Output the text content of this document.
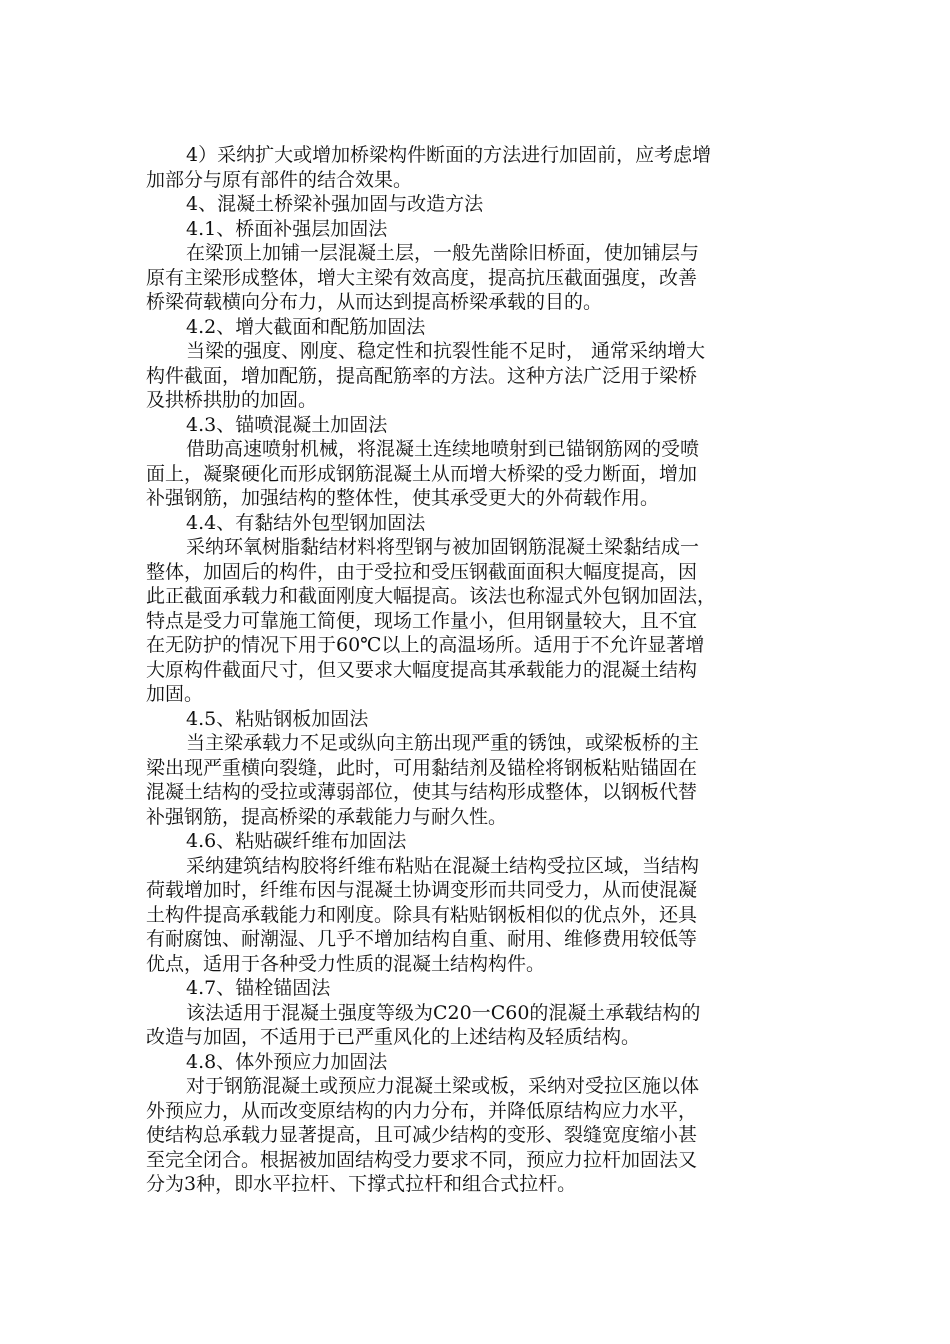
4）采纳扩大或增加桥梁构件断面的方法进行加固前，应考虑增
加部分与原有部件的结合效果。
4、混凝土桥梁补强加固与改造方法
4.1、桥面补强层加固法
在梁顶上加铺一层混凝土层，一般先凿除旧桥面，使加铺层与
原有主梁形成整体，增大主梁有效高度，提高抗压截面强度，改善
桥梁荷载横向分布力，从而达到提高桥梁承载的目的。
4.2、增大截面和配筋加固法
当梁的强度、刚度、稳定性和抗裂性能不足时， 通常采纳增大
构件截面，增加配筋，提高配筋率的方法。这种方法广泛用于梁桥
及拱桥拱肋的加固。
4.3、锚喷混凝土加固法
借助高速喷射机械，将混凝土连续地喷射到已锚钢筋网的受喷
面上，凝聚硬化而形成钢筋混凝土从而增大桥梁的受力断面，增加
补强钢筋，加强结构的整体性，使其承受更大的外荷载作用。
4.4、有黏结外包型钢加固法
采纳环氧树脂黏结材料将型钢与被加固钢筋混凝土梁黏结成一
整体，加固后的构件，由于受拉和受压钢截面面积大幅度提高，因
此正截面承载力和截面刚度大幅提高。该法也称湿式外包钢加固法，
特点是受力可靠施工简便，现场工作量小，但用钢量较大，且不宜
在无防护的情况下用于60℃以上的高温场所。适用于不允许显著增
大原构件截面尺寸，但又要求大幅度提高其承载能力的混凝土结构
加固。
4.5、粘贴钢板加固法
当主梁承载力不足或纵向主筋出现严重的锈蚀，或梁板桥的主
梁出现严重横向裂缝，此时，可用黏结剂及锚栓将钢板粘贴锚固在
混凝土结构的受拉或薄弱部位，使其与结构形成整体，以钢板代替
补强钢筋，提高桥梁的承载能力与耐久性。
4.6、粘贴碳纤维布加固法
采纳建筑结构胶将纤维布粘贴在混凝土结构受拉区域，当结构
荷载增加时，纤维布因与混凝土协调变形而共同受力，从而使混凝
土构件提高承载能力和刚度。除具有粘贴钢板相似的优点外，还具
有耐腐蚀、耐潮湿、几乎不增加结构自重、耐用、维修费用较低等
优点，适用于各种受力性质的混凝土结构构件。
4.7、锚栓锚固法
该法适用于混凝土强度等级为C20一C60的混凝土承载结构的
改造与加固，不适用于已严重风化的上述结构及轻质结构。
4.8、体外预应力加固法
对于钢筋混凝土或预应力混凝土梁或板，采纳对受拉区施以体
外预应力，从而改变原结构的内力分布，并降低原结构应力水平，
使结构总承载力显著提高，且可减少结构的变形、裂缝宽度缩小甚
至完全闭合。根据被加固结构受力要求不同，预应力拉杆加固法又
分为3种，即水平拉杆、下撑式拉杆和组合式拉杆。
